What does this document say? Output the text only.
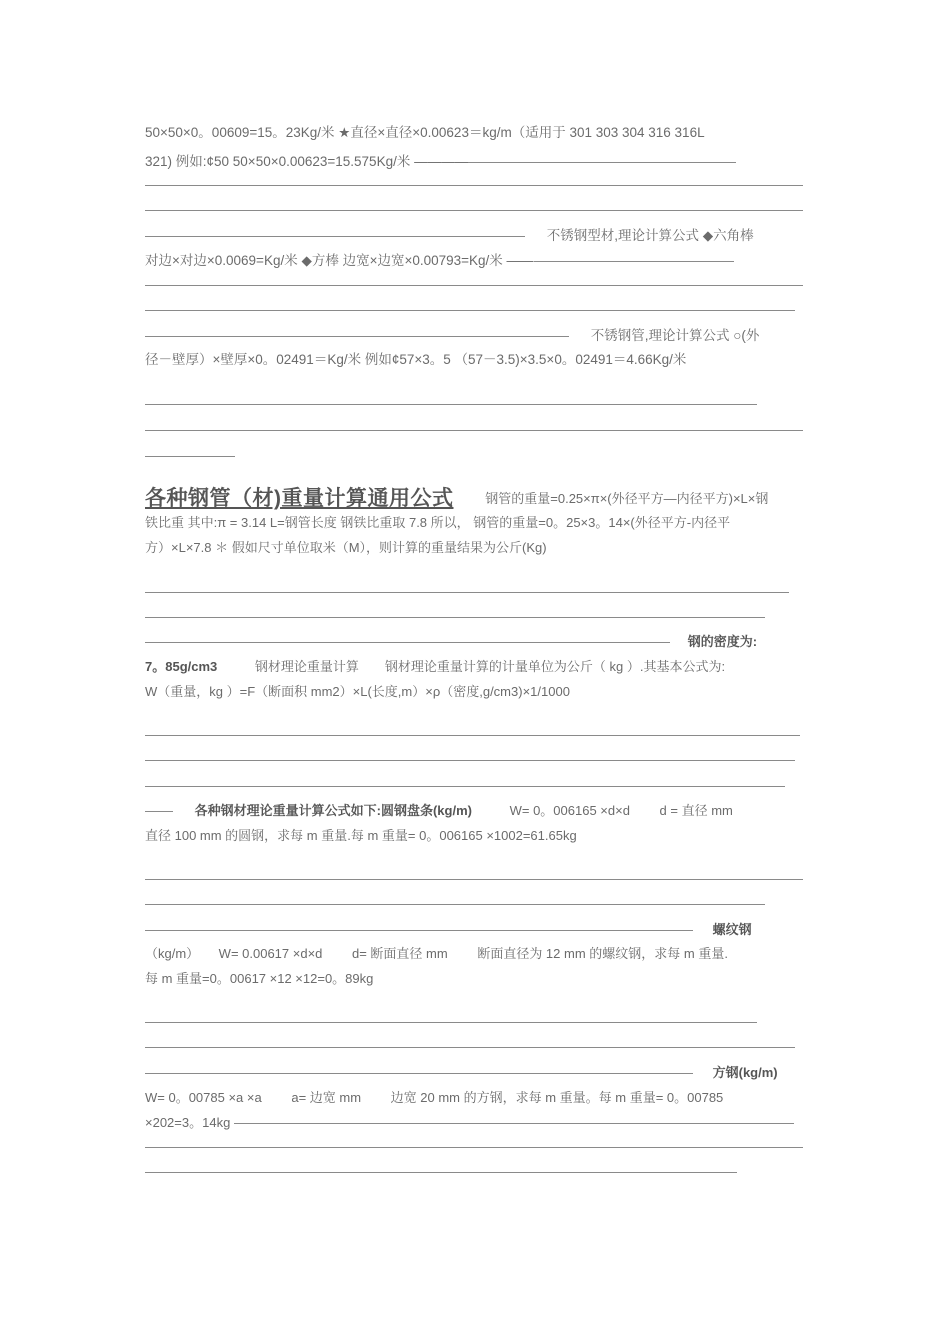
50×50×0。00609=15。23Kg/米 ★直径×直径×0.00623＝kg/m（适用于 301 303 304 316 316L
321) 例如:¢50 50×50×0.00623=15.575Kg/米 ————
不锈钢型材,理论计算公式 ◆六角棒
对边×对边×0.0069=Kg/米 ◆方棒 边宽×边宽×0.00793=Kg/米 ——
不锈钢管,理论计算公式 ○(外
径－壁厚）×壁厚×0。02491＝Kg/米 例如¢57×3。5 （57－3.5)×3.5×0。02491＝4.66Kg/米
各种钢管（材)重量计算通用公式 钢管的重量=0.25×π×(外径平方—内径平方)×L×钢
铁比重 其中:π = 3.14 L=钢管长度 钢铁比重取 7.8 所以， 钢管的重量=0。25×3。14×(外径平方-内径平
方）×L×7.8 ＊ 假如尺寸单位取米（M），则计算的重量结果为公斤(Kg)
钢的密度为:
7。85g/cm3	钢材理论重量计算　　钢材理论重量计算的计量单位为公斤（ kg ）.其基本公式为:
W（重量，kg ）=F（断面积 mm2）×L(长度,m）×ρ（密度,g/cm3)×1/1000
各种钢材理论重量计算公式如下:圆钢盘条(kg/m)	W= 0。006165 ×d×d　　 d = 直径 mm
直径 100 mm 的圆钢，求每 m 重量.每 m 重量= 0。006165 ×1002=61.65kg
螺纹钢
（kg/m）　　W= 0.00617 ×d×d　　 d= 断面直径 mm　　 断面直径为 12 mm 的螺纹钢，求每 m 重量.
每 m 重量=0。00617 ×12 ×12=0。89kg
方钢(kg/m)
W= 0。00785 ×a ×a　　 a= 边宽 mm　　 边宽 20 mm 的方钢，求每 m 重量。每 m 重量= 0。00785
×202=3。14kg
